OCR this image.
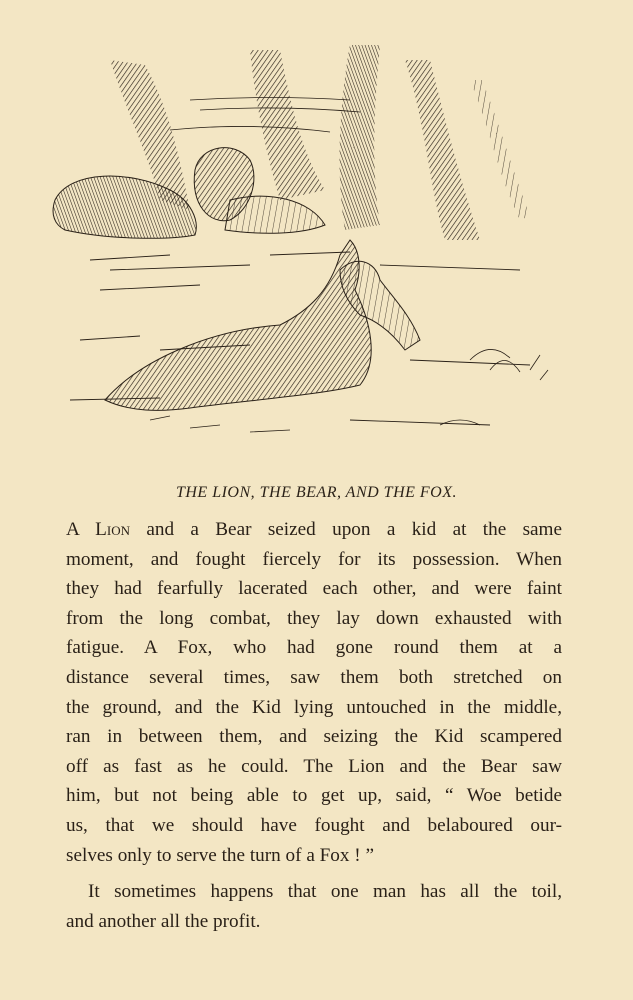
THE LION, THE BEAR, AND THE FOX.
A Lion and a Bear seized upon a kid at the same
moment, and fought fiercely for its possession. When
they had fearfully lacerated each other, and were faint
from the long combat, they lay down exhausted with
fatigue. A Fox, who had gone round them at a
distance several times, saw them both stretched on
the ground, and the Kid lying untouched in the middle,
ran in between them, and seizing the Kid scampered
off as fast as he could. The Lion and the Bear saw
him, but not being able to get up, said, “ Woe betide
us, that we should have fought and belaboured our-
selves only to serve the turn of a Fox ! ”
It sometimes happens that one man has all the toil,
and another all the profit.
